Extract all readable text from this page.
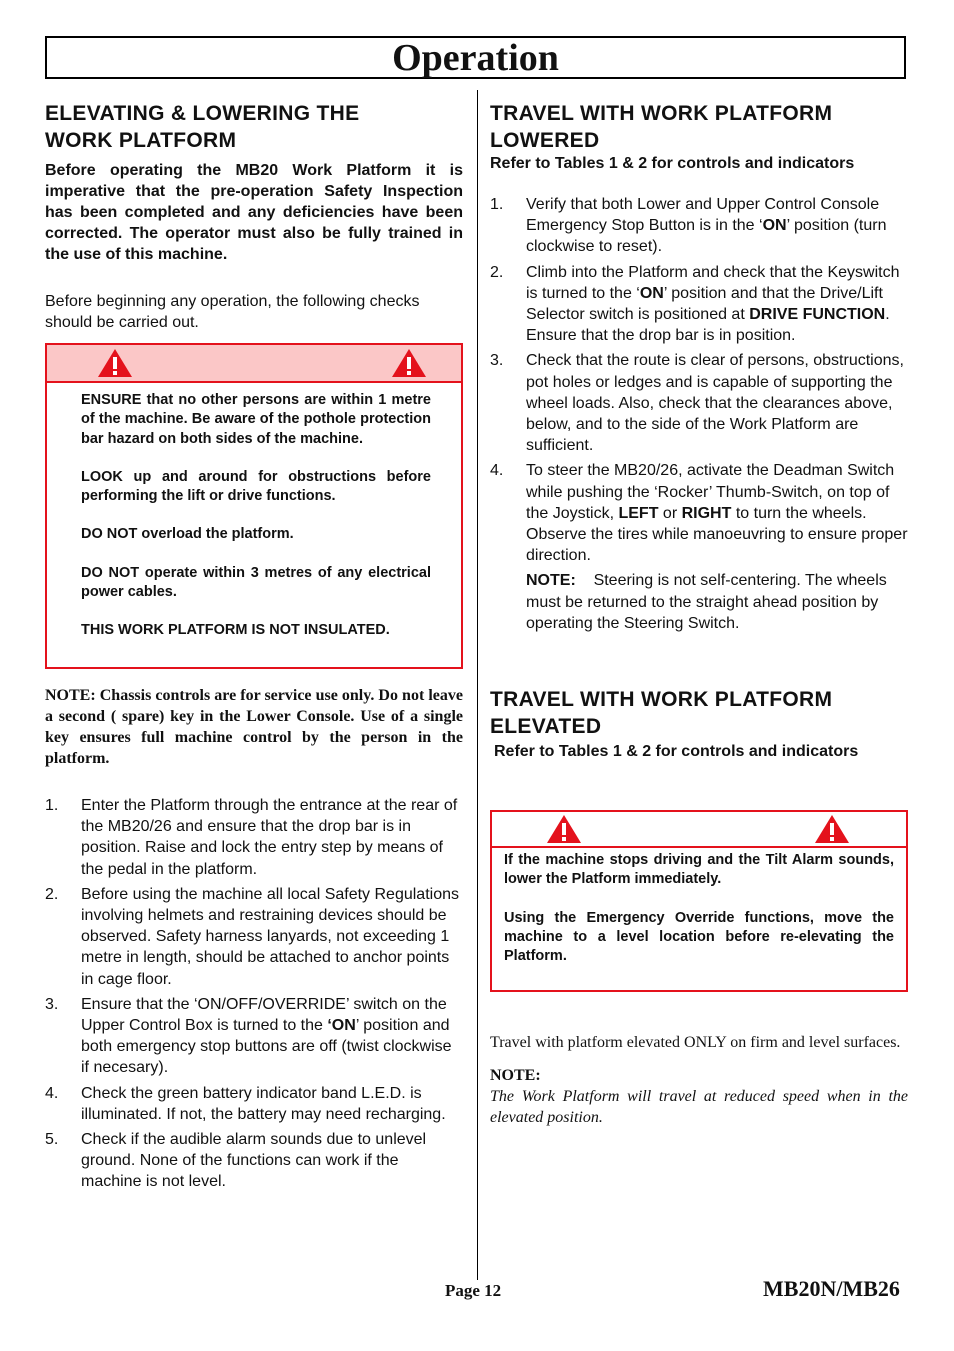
Operation
ELEVATING & LOWERING THE WORK PLATFORM

Before operating the MB20 Work Platform it is imperative that the pre-operation Safety Inspection has been completed and any deficiencies have been corrected. The operator must also be fully trained in the use of this machine.

Before beginning any operation, the following checks should be carried out.

ENSURE that no other persons are within 1 metre of the machine. Be aware of the pothole protection bar hazard on both sides of the machine.

LOOK up and around for obstructions before performing the lift or drive functions.

DO NOT overload the platform.

DO NOT operate within 3 metres of any electrical power cables.

THIS WORK PLATFORM IS NOT INSULATED.

NOTE: Chassis controls are for service use only. Do not leave a second ( spare) key in the Lower Console. Use of a single key ensures full machine control by the person in the platform.

1. Enter the Platform through the entrance at the rear of the MB20/26 and ensure that the drop bar is in position. Raise and lock the entry step by means of the pedal in the platform.
2. Before using the machine all local Safety Regulations involving helmets and restraining devices should be observed. Safety harness lanyards, not exceeding 1 metre in length, should be attached to anchor points in cage floor.
3. Ensure that the ‘ON/OFF/OVERRIDE’ switch on the Upper Control Box is turned to the ‘ON’ position and both emergency stop buttons are off (twist clockwise if necesary).
4. Check the green battery indicator band L.E.D. is illuminated. If not, the battery may need recharging.
5. Check if the audible alarm sounds due to unlevel ground. None of the functions can work if the machine is not level.
TRAVEL WITH WORK PLATFORM LOWERED

Refer to Tables 1 & 2 for controls and indicators

1. Verify that both Lower and Upper Control Console Emergency Stop Button is in the ‘ON’ position (turn clockwise to reset).
2. Climb into the Platform and check that the Keyswitch is turned to the ‘ON’ position and that the Drive/Lift Selector switch is positioned at DRIVE FUNCTION. Ensure that the drop bar is in position.
3. Check that the route is clear of persons, obstructions, pot holes or ledges and is capable of supporting the wheel loads. Also, check that the clearances above, below, and to the side of the Work Platform are sufficient.
4. To steer the MB20/26, activate the Deadman Switch while pushing the ‘Rocker’ Thumb-Switch, on top of the Joystick, LEFT or RIGHT to turn the wheels. Observe the tires while manoeuvring to ensure proper direction.
NOTE: Steering is not self-centering. The wheels must be returned to the straight ahead position by operating the Steering Switch.
TRAVEL WITH WORK PLATFORM ELEVATED

Refer to Tables 1 & 2 for controls and indicators

If the machine stops driving and the Tilt Alarm sounds, lower the Platform immediately.

Using the Emergency Override functions, move the machine to a level location before re-elevating the Platform.

Travel with platform elevated ONLY on firm and level surfaces.

NOTE:

The Work Platform will travel at reduced speed when in the elevated position.

Page 12	MB20N/MB26
